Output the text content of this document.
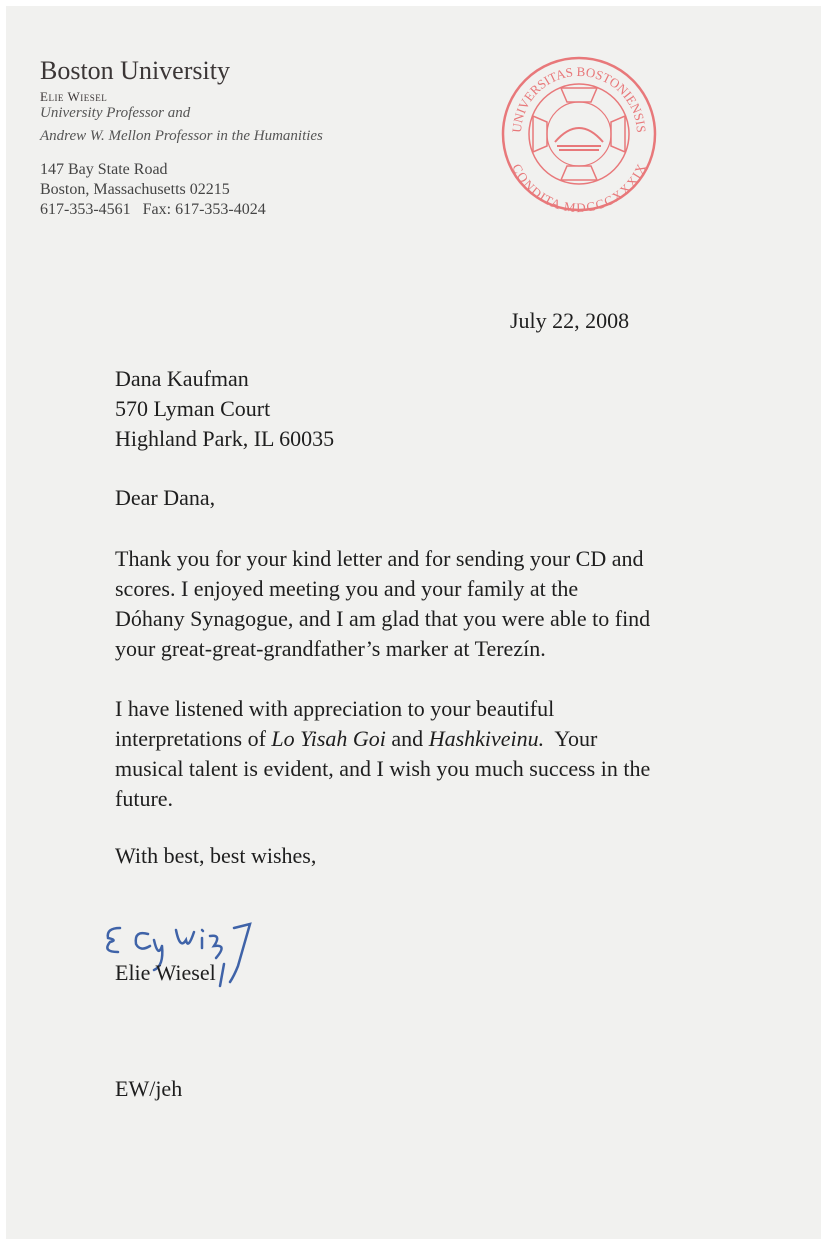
Boston University
Elie Wiesel
University Professor and
Andrew W. Mellon Professor in the Humanities
147 Bay State Road
Boston, Massachusetts 02215
617-353-4561 Fax: 617-353-4024
UNIVERSITAS BOSTONIENSIS
CONDITA MDCCCXXXIX
July 22, 2008
Dana Kaufman
570 Lyman Court
Highland Park, IL 60035
Dear Dana,
Thank you for your kind letter and for sending your CD and
scores. I enjoyed meeting you and your family at the
Dóhany Synagogue, and I am glad that you were able to find
your great-great-grandfather’s marker at Terezín.
I have listened with appreciation to your beautiful
interpretations of Lo Yisah Goi and Hashkiveinu.  Your
musical talent is evident, and I wish you much success in the
future.
With best, best wishes,
Elie Wiesel
EW/jeh
